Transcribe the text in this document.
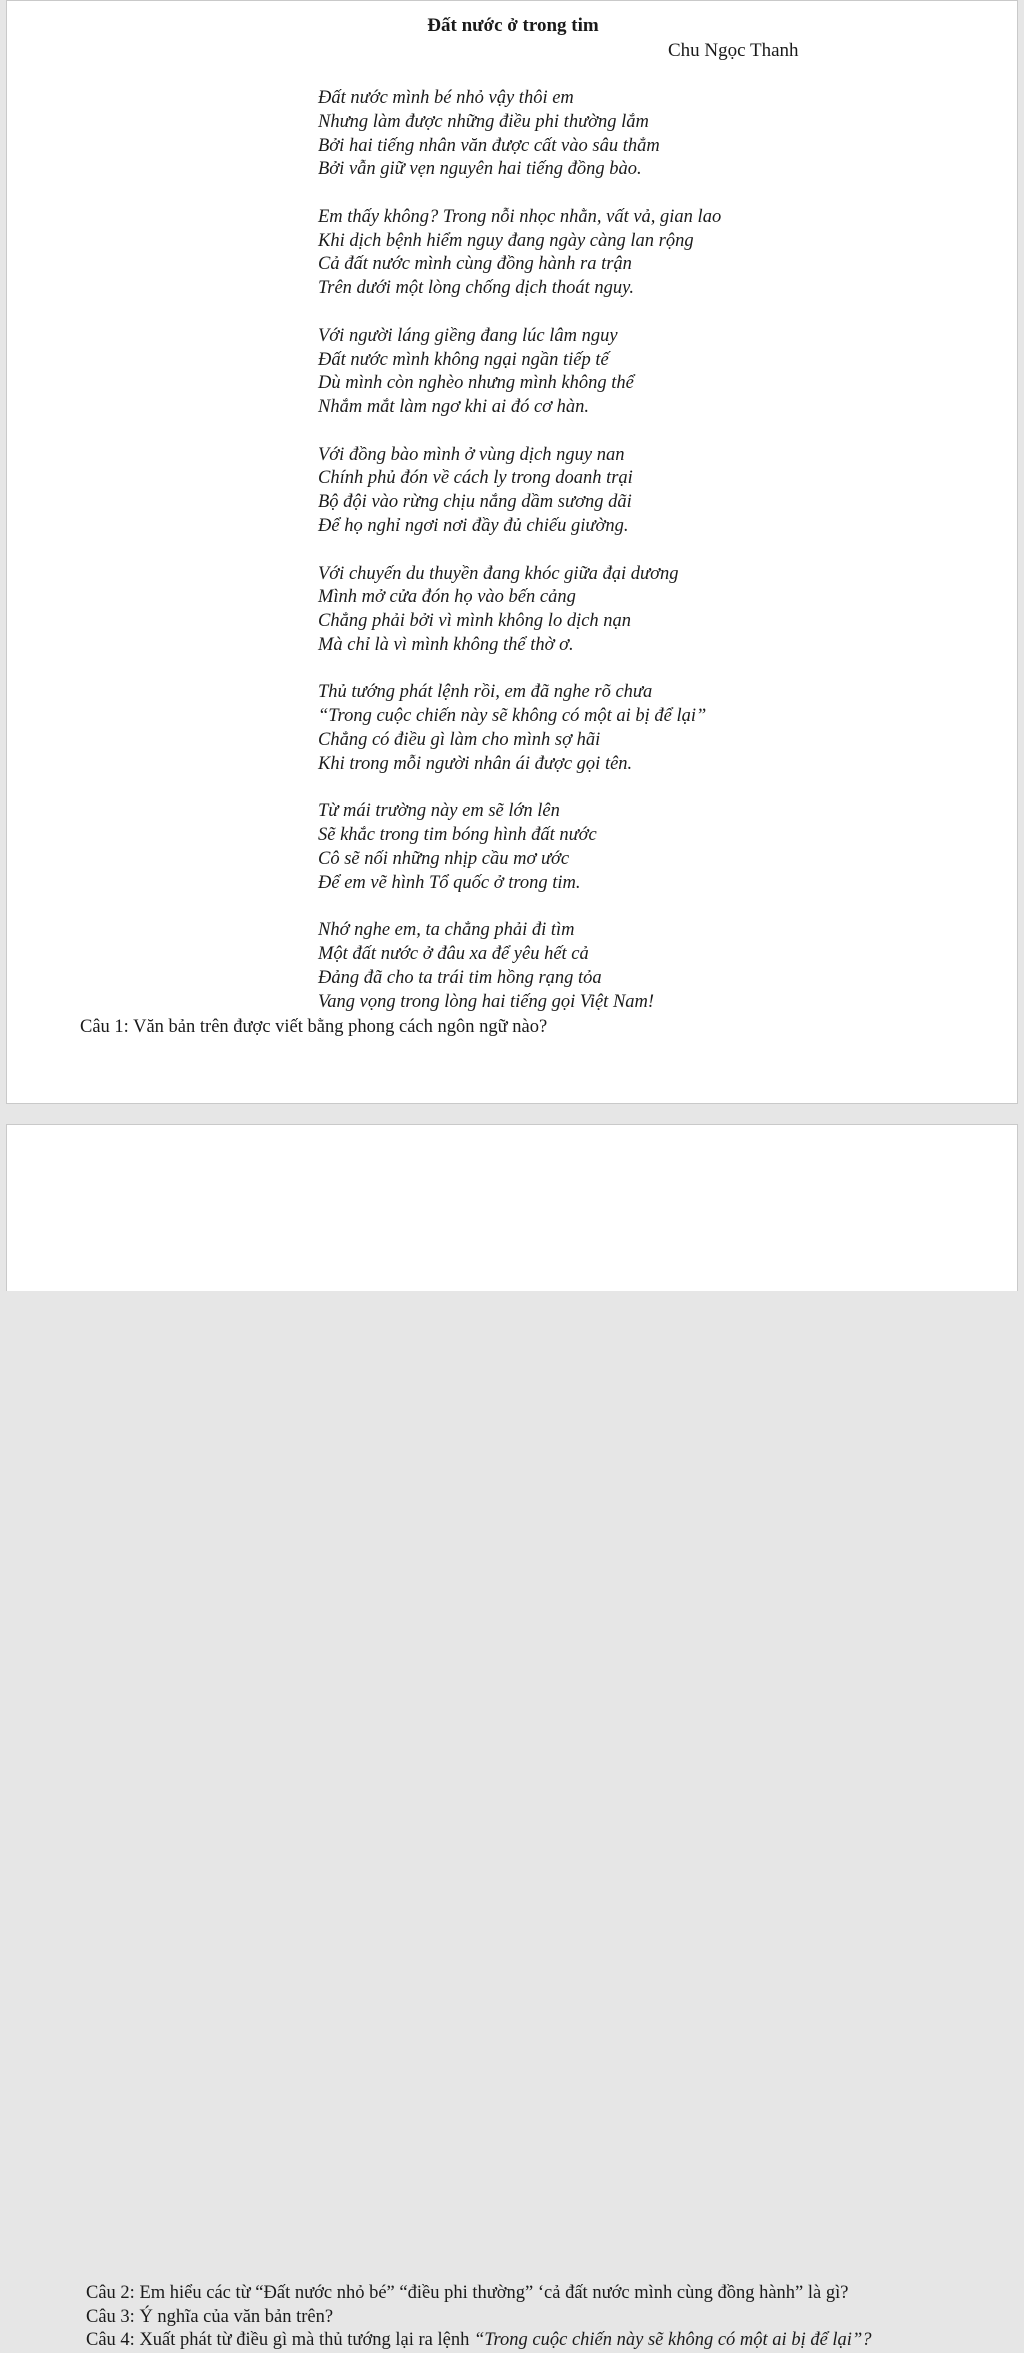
Đất nước ở trong tim
Chu Ngọc Thanh
Đất nước mình bé nhỏ vậy thôi em
Nhưng làm được những điều phi thường lắm
Bởi hai tiếng nhân văn được cất vào sâu thẳm
Bởi vẫn giữ vẹn nguyên hai tiếng đồng bào.
Em thấy không? Trong nỗi nhọc nhằn, vất vả, gian lao
Khi dịch bệnh hiểm nguy đang ngày càng lan rộng
Cả đất nước mình cùng đồng hành ra trận
Trên dưới một lòng chống dịch thoát nguy.
Với người láng giềng đang lúc lâm nguy
Đất nước mình không ngại ngần tiếp tế
Dù mình còn nghèo nhưng mình không thể
Nhắm mắt làm ngơ khi ai đó cơ hàn.
Với đồng bào mình ở vùng dịch nguy nan
Chính phủ đón về cách ly trong doanh trại
Bộ đội vào rừng chịu nắng dầm sương dãi
Để họ nghỉ ngơi nơi đầy đủ chiếu giường.
Với chuyến du thuyền đang khóc giữa đại dương
Mình mở cửa đón họ vào bến cảng
Chẳng phải bởi vì mình không lo dịch nạn
Mà chỉ là vì mình không thể thờ ơ.
Thủ tướng phát lệnh rồi, em đã nghe rõ chưa
“Trong cuộc chiến này sẽ không có một ai bị để lại”
Chẳng có điều gì làm cho mình sợ hãi
Khi trong mỗi người nhân ái được gọi tên.
Từ mái trường này em sẽ lớn lên
Sẽ khắc trong tim bóng hình đất nước
Cô sẽ nối những nhịp cầu mơ ước
Để em vẽ hình Tổ quốc ở trong tim.
Nhớ nghe em, ta chẳng phải đi tìm
Một đất nước ở đâu xa để yêu hết cả
Đảng đã cho ta trái tim hồng rạng tỏa
Vang vọng trong lòng hai tiếng gọi Việt Nam!
Câu 1: Văn bản trên được viết bằng phong cách ngôn ngữ nào?
Câu 2: Em hiểu các từ “Đất nước nhỏ bé” “điều phi thường” ‘cả đất nước mình cùng đồng hành” là gì?
Câu 3: Ý nghĩa của văn bản trên?
Câu 4: Xuất phát từ điều gì mà thủ tướng lại ra lệnh “Trong cuộc chiến này sẽ không có một ai bị để lại”?
